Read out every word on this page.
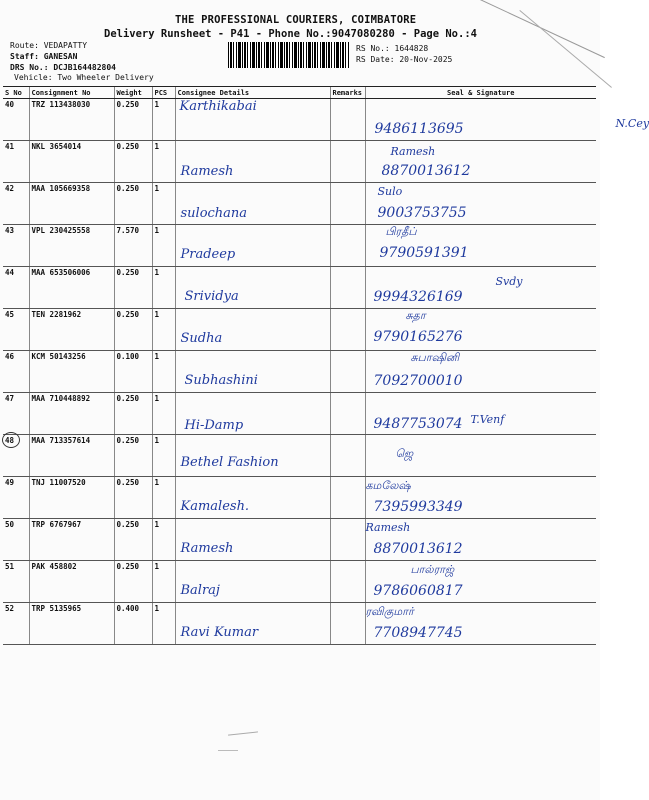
THE PROFESSIONAL COURIERS, COIMBATORE
Delivery Runsheet - P41 - Phone No.:9047080280 - Page No.:4
Route: VEDAPATTY
Staff: GANESAN
DRS No.: DCJB164482804
Vehicle: Two Wheeler Delivery
RS No.: 1644828
RS Date: 20-Nov-2025
S No	Consignment No	Weight	PCS	Consignee Details	Remarks	Seal & Signature
40	TRZ 113438030	0.250	1	Karthikabai		N.Cey
9486113695

41	NKL 3654014	0.250	1	Ramesh		Ramesh
8870013612

42	MAA 105669358	0.250	1	sulochana		Sulo
9003753755

43	VPL 230425558	7.570	1	Pradeep		பிரதீப்
9790591391

44	MAA 653506006	0.250	1	Srividya		Svdy
9994326169

45	TEN 2281962	0.250	1	Sudha		சுதா
9790165276

46	KCM 50143256	0.100	1	Subhashini		சுபாஷினி
7092700010

47	MAA 710448892	0.250	1	Hi-Damp		T.Venf
9487753074

48	MAA 713357614	0.250	1	Bethel Fashion		ஜெ

49	TNJ 11007520	0.250	1	Kamalesh.		கமலேஷ்
7395993349

50	TRP 6767967	0.250	1	Ramesh		Ramesh
8870013612

51	PAK 458802	0.250	1	Balraj		பால்ராஜ்
9786060817

52	TRP 5135965	0.400	1	Ravi Kumar		ரவிகுமார்
7708947745
